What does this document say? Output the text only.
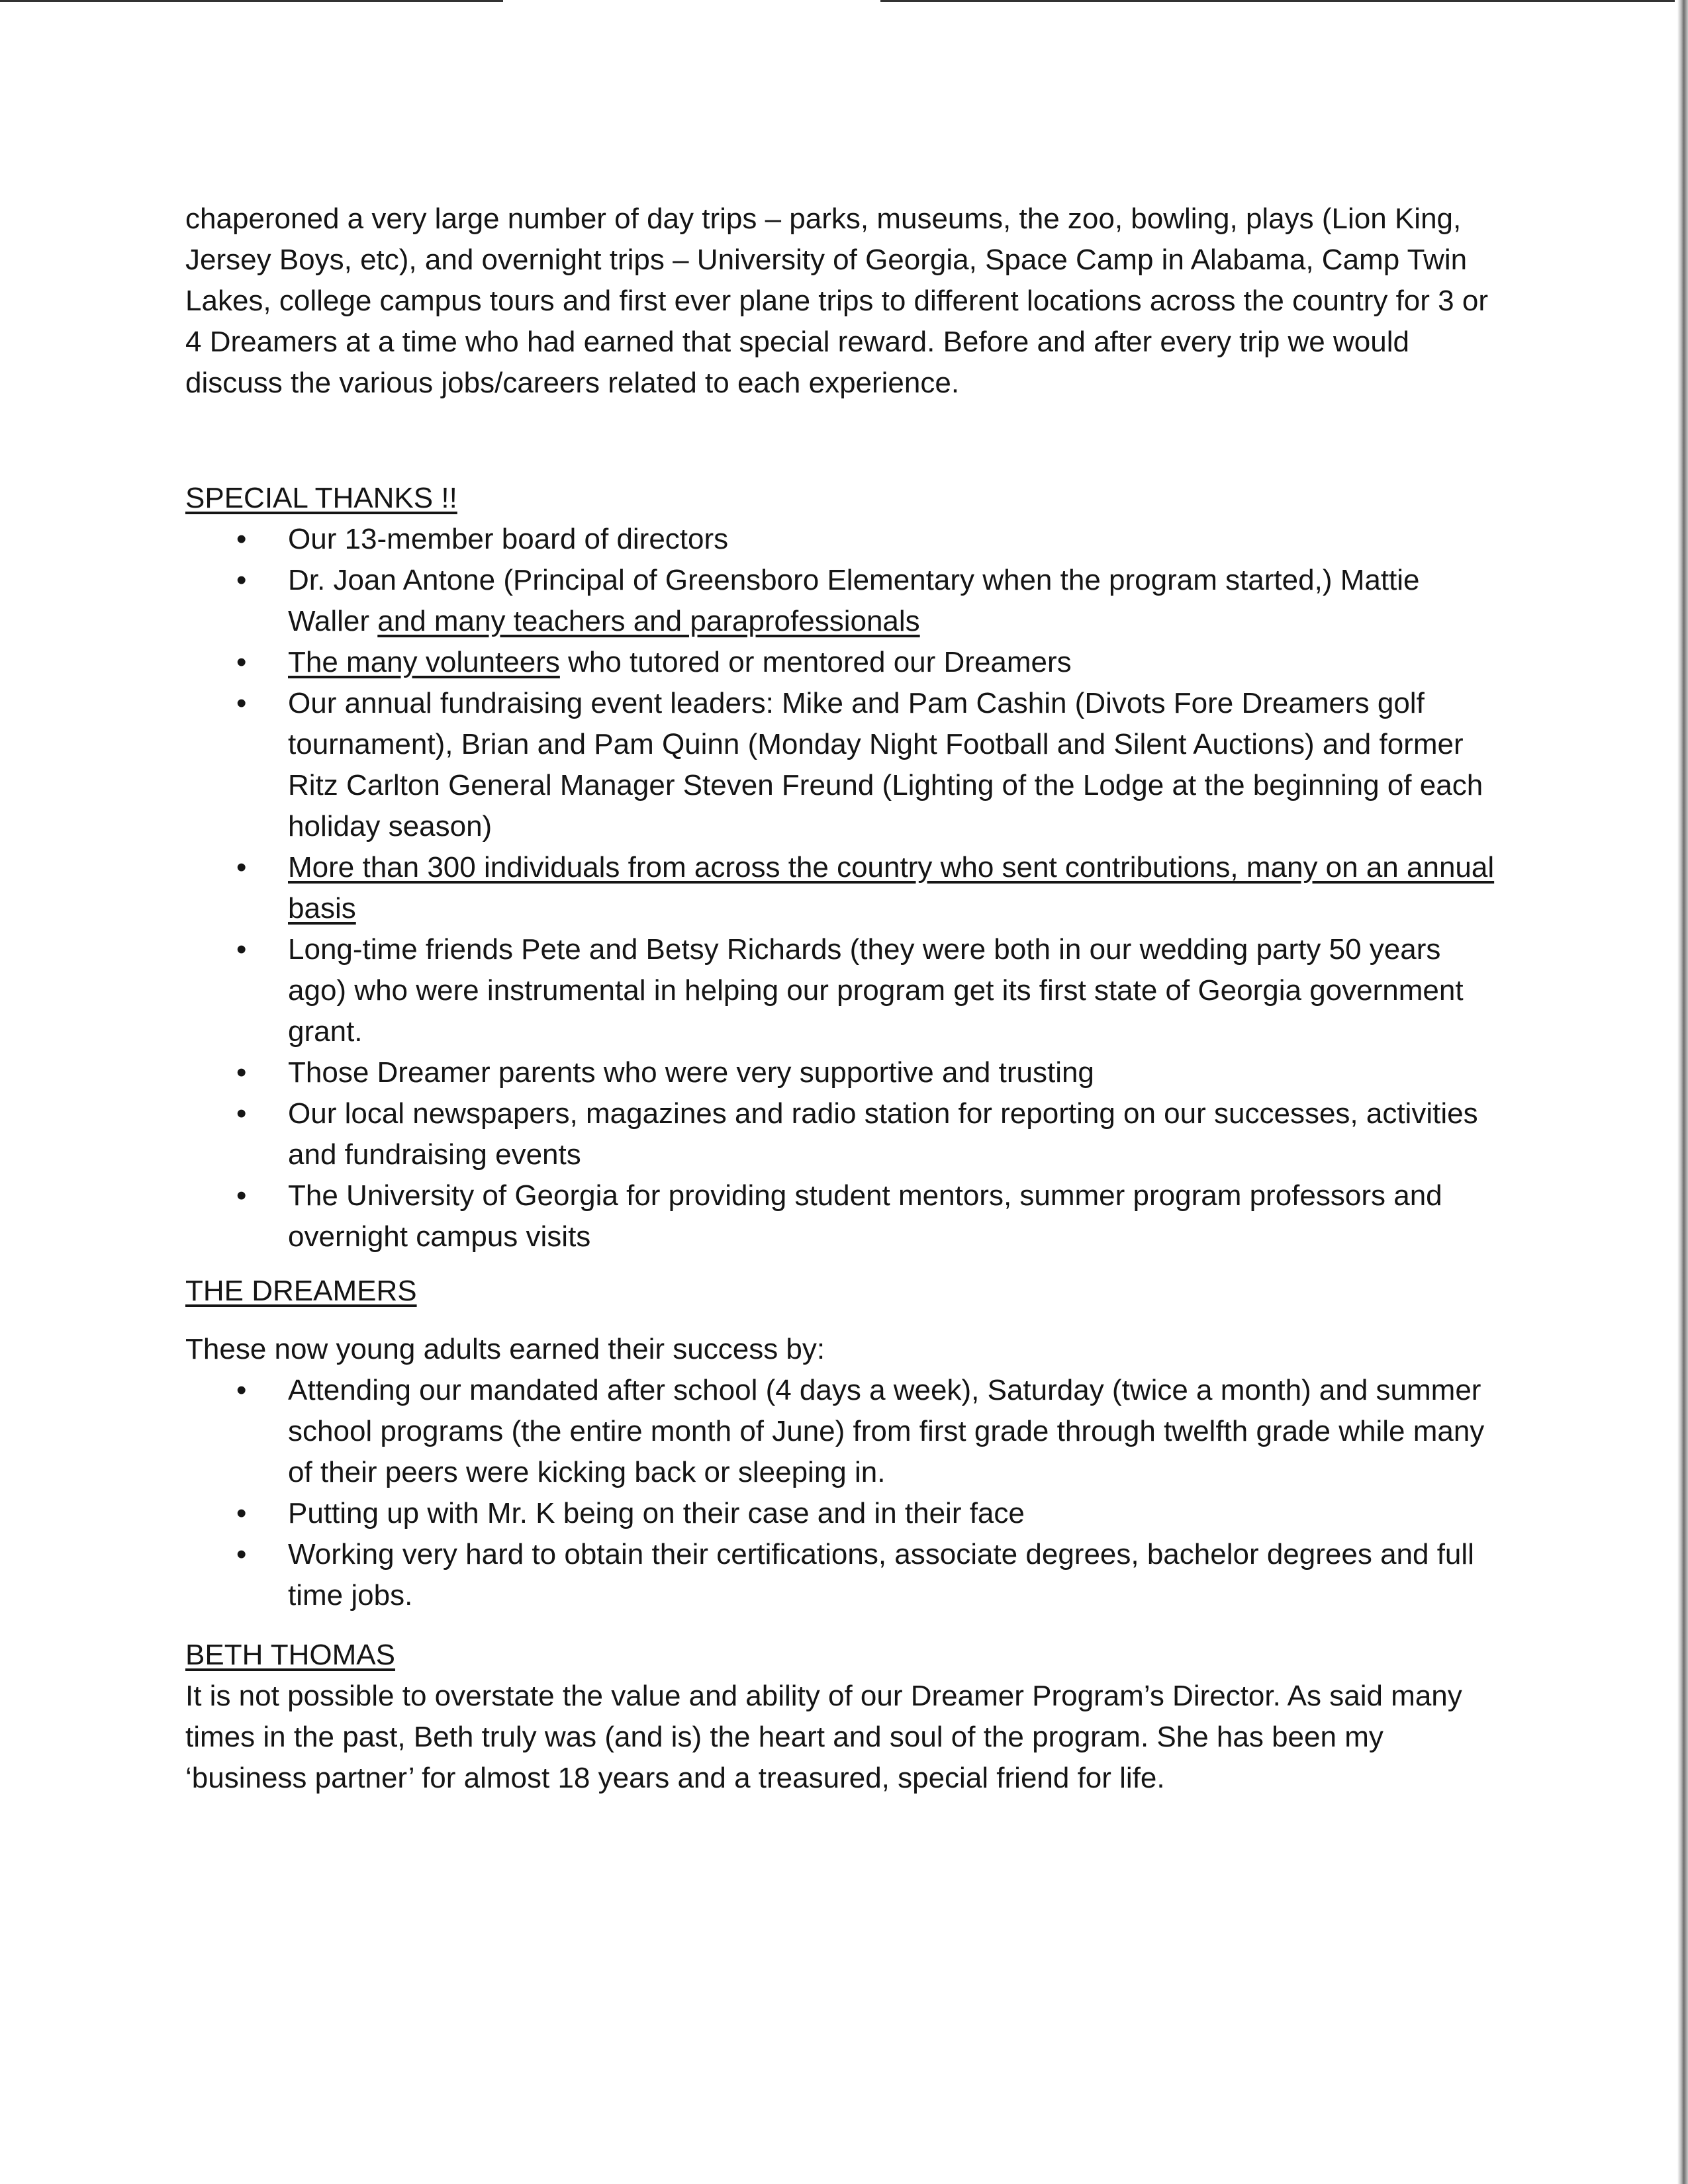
chaperoned a very large number of day trips – parks, museums, the zoo, bowling, plays (Lion King, Jersey Boys, etc), and overnight trips – University of Georgia, Space Camp in Alabama, Camp Twin Lakes, college campus tours and first ever plane trips to different locations across the country for 3 or 4 Dreamers at a time who had earned that special reward. Before and after every trip we would discuss the various jobs/careers related to each experience.

SPECIAL THANKS !!
• Our 13-member board of directors
• Dr. Joan Antone (Principal of Greensboro Elementary when the program started,) Mattie Waller and many teachers and paraprofessionals
• The many volunteers who tutored or mentored our Dreamers
• Our annual fundraising event leaders: Mike and Pam Cashin (Divots Fore Dreamers golf tournament), Brian and Pam Quinn (Monday Night Football and Silent Auctions) and former Ritz Carlton General Manager Steven Freund (Lighting of the Lodge at the beginning of each holiday season)
• More than 300 individuals from across the country who sent contributions, many on an annual basis
• Long-time friends Pete and Betsy Richards (they were both in our wedding party 50 years ago) who were instrumental in helping our program get its first state of Georgia government grant.
• Those Dreamer parents who were very supportive and trusting
• Our local newspapers, magazines and radio station for reporting on our successes, activities and fundraising events
• The University of Georgia for providing student mentors, summer program professors and overnight campus visits
THE DREAMERS

These now young adults earned their success by:

• Attending our mandated after school (4 days a week), Saturday (twice a month) and summer school programs (the entire month of June) from first grade through twelfth grade while many of their peers were kicking back or sleeping in.
• Putting up with Mr. K being on their case and in their face
• Working very hard to obtain their certifications, associate degrees, bachelor degrees and full time jobs.
BETH THOMAS

It is not possible to overstate the value and ability of our Dreamer Program’s Director. As said many times in the past, Beth truly was (and is) the heart and soul of the program. She has been my ‘business partner’ for almost 18 years and a treasured, special friend for life.
